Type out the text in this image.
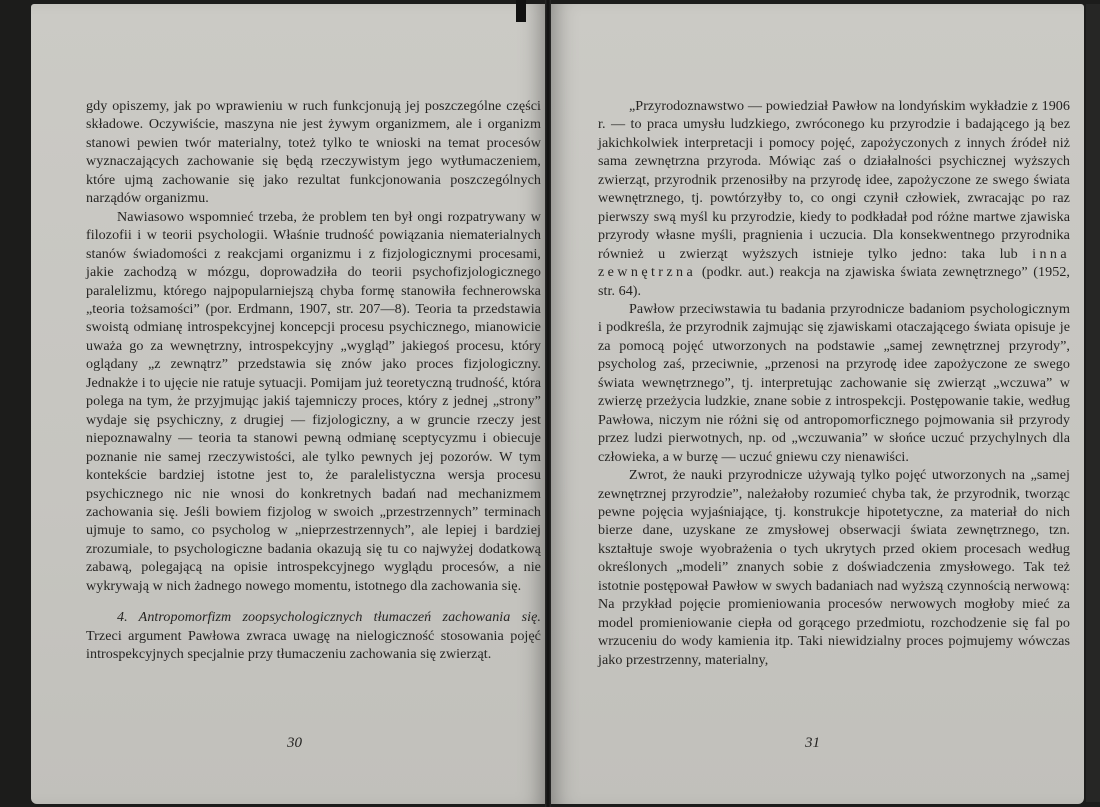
gdy opiszemy, jak po wprawieniu w ruch funkcjonują jej poszczególne części składowe. Oczywiście, maszyna nie jest żywym organizmem, ale i organizm stanowi pewien twór materialny, toteż tylko te wnioski na temat procesów wyznaczających zachowanie się będą rzeczywistym jego wytłumaczeniem, które ujmą zachowanie się jako rezultat funkcjonowania poszczególnych narządów organizmu.

Nawiasowo wspomnieć trzeba, że problem ten był ongi rozpatrywany w filozofii i w teorii psychologii. Właśnie trudność powiązania niematerialnych stanów świadomości z reakcjami organizmu i z fizjologicznymi procesami, jakie zachodzą w mózgu, doprowadziła do teorii psychofizjologicznego paralelizmu, którego najpopularniejszą chyba formę stanowiła fechnerowska „teoria tożsamości” (por. Erdmann, 1907, str. 207—8). Teoria ta przedstawia swoistą odmianę introspekcyjnej koncepcji procesu psychicznego, mianowicie uważa go za wewnętrzny, introspekcyjny „wygląd” jakiegoś procesu, który oglądany „z zewnątrz” przedstawia się znów jako proces fizjologiczny. Jednakże i to ujęcie nie ratuje sytuacji. Pomijam już teoretyczną trudność, która polega na tym, że przyjmując jakiś tajemniczy proces, który z jednej „strony” wydaje się psychiczny, z drugiej — fizjologiczny, a w gruncie rzeczy jest niepoznawalny — teoria ta stanowi pewną odmianę sceptycyzmu i obiecuje poznanie nie samej rzeczywistości, ale tylko pewnych jej pozorów. W tym kontekście bardziej istotne jest to, że paralelistyczna wersja procesu psychicznego nic nie wnosi do konkretnych badań nad mechanizmem zachowania się. Jeśli bowiem fizjolog w swoich „przestrzennych” terminach ujmuje to samo, co psycholog w „nieprzestrzennych”, ale lepiej i bardziej zrozumiale, to psychologiczne badania okazują się tu co najwyżej dodatkową zabawą, polegającą na opisie introspekcyjnego wyglądu procesów, a nie wykrywają w nich żadnego nowego momentu, istotnego dla zachowania się.

4. Antropomorfizm zoopsychologicznych tłumaczeń zachowania się. Trzeci argument Pawłowa zwraca uwagę na nielogiczność stosowania pojęć introspekcyjnych specjalnie przy tłumaczeniu zachowania się zwierząt.

30

„Przyrodoznawstwo — powiedział Pawłow na londyńskim wykładzie z 1906 r. — to praca umysłu ludzkiego, zwróconego ku przyrodzie i badającego ją bez jakichkolwiek interpretacji i pomocy pojęć, zapożyczonych z innych źródeł niż sama zewnętrzna przyroda. Mówiąc zaś o działalności psychicznej wyższych zwierząt, przyrodnik przenosiłby na przyrodę idee, zapożyczone ze swego świata wewnętrznego, tj. powtórzyłby to, co ongi czynił człowiek, zwracając po raz pierwszy swą myśl ku przyrodzie, kiedy to podkładał pod różne martwe zjawiska przyrody własne myśli, pragnienia i uczucia. Dla konsekwentnego przyrodnika również u zwierząt wyższych istnieje tylko jedno: taka lub inna zewnętrzna (podkr. aut.) reakcja na zjawiska świata zewnętrznego” (1952, str. 64).

Pawłow przeciwstawia tu badania przyrodnicze badaniom psychologicznym i podkreśla, że przyrodnik zajmując się zjawiskami otaczającego świata opisuje je za pomocą pojęć utworzonych na podstawie „samej zewnętrznej przyrody”, psycholog zaś, przeciwnie, „przenosi na przyrodę idee zapożyczone ze swego świata wewnętrznego”, tj. interpretując zachowanie się zwierząt „wczuwa” w zwierzę przeżycia ludzkie, znane sobie z introspekcji. Postępowanie takie, według Pawłowa, niczym nie różni się od antropomorficznego pojmowania sił przyrody przez ludzi pierwotnych, np. od „wczuwania” w słońce uczuć przychylnych dla człowieka, a w burzę — uczuć gniewu czy nienawiści.

Zwrot, że nauki przyrodnicze używają tylko pojęć utworzonych na „samej zewnętrznej przyrodzie”, należałoby rozumieć chyba tak, że przyrodnik, tworząc pewne pojęcia wyjaśniające, tj. konstrukcje hipotetyczne, za materiał do nich bierze dane, uzyskane ze zmysłowej obserwacji świata zewnętrznego, tzn. kształtuje swoje wyobrażenia o tych ukrytych przed okiem procesach według określonych „modeli” znanych sobie z doświadczenia zmysłowego. Tak też istotnie postępował Pawłow w swych badaniach nad wyższą czynnością nerwową: Na przykład pojęcie promieniowania procesów nerwowych mogłoby mieć za model promieniowanie ciepła od gorącego przedmiotu, rozchodzenie się fal po wrzuceniu do wody kamienia itp. Taki niewidzialny proces pojmujemy wówczas jako przestrzenny, materialny,

31
